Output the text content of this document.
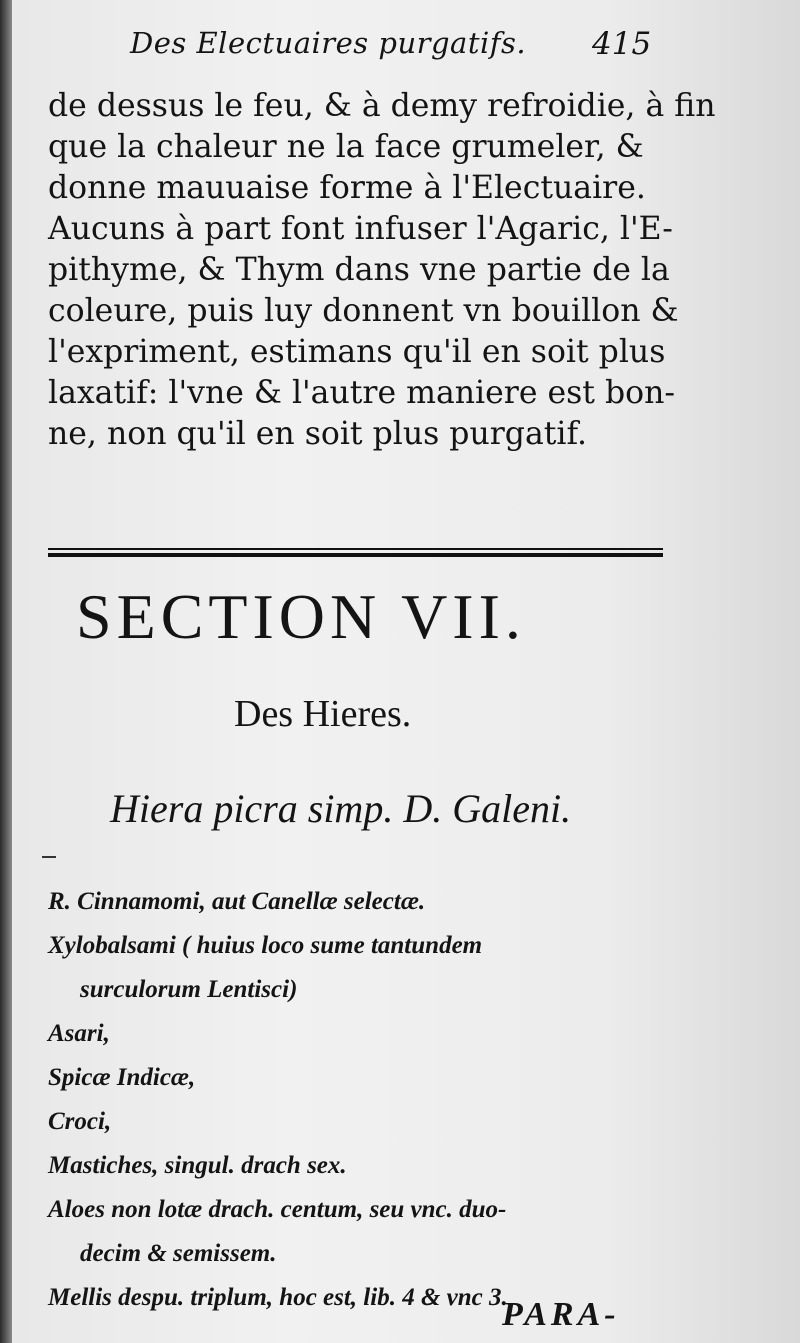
Des Electuaires purgatifs. 415
de dessus le feu, & à demy refroidie, à fin
que la chaleur ne la face grumeler, &
donne mauuaise forme à l'Electuaire.
Aucuns à part font infuser l'Agaric, l'E-
pithyme, & Thym dans vne partie de la
coleure, puis luy donnent vn bouillon &
l'expriment, estimans qu'il en soit plus
laxatif: l'vne & l'autre maniere est bon-
ne, non qu'il en soit plus purgatif.
SECTION VII.
Des Hieres.
Hiera picra simp. D. Galeni.
R. Cinnamomi, aut Canellæ selectæ.
Xylobalsami ( huius loco sume tantundem
surculorum Lentisci)
Asari,
Spicæ Indicæ,
Croci,
Mastiches, singul. drach sex.
Aloes non lotæ drach. centum, seu vnc. duo-
decim & semissem.
Mellis despu. triplum, hoc est, lib. 4 & vnc 3.
PARA-
